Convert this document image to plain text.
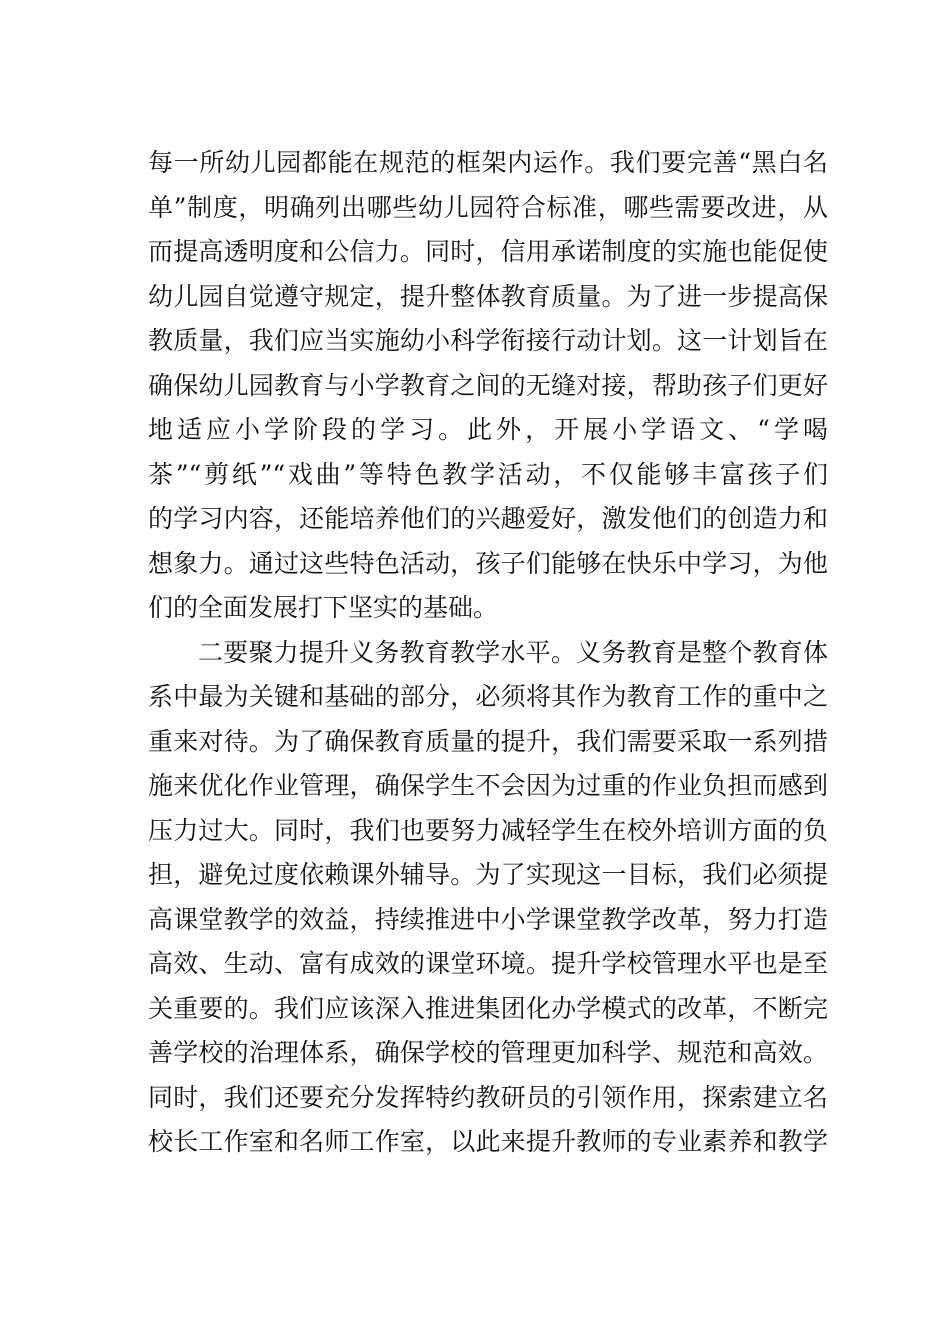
每一所幼儿园都能在规范的框架内运作。我们要完善“黑白名
单”制度，明确列出哪些幼儿园符合标准，哪些需要改进，从
而提高透明度和公信力。同时，信用承诺制度的实施也能促使
幼儿园自觉遵守规定，提升整体教育质量。为了进一步提高保
教质量，我们应当实施幼小科学衔接行动计划。这一计划旨在
确保幼儿园教育与小学教育之间的无缝对接，帮助孩子们更好
地适应小学阶段的学习。此外，开展小学语文、“学喝
茶”“剪纸”“戏曲”等特色教学活动，不仅能够丰富孩子们
的学习内容，还能培养他们的兴趣爱好，激发他们的创造力和
想象力。通过这些特色活动，孩子们能够在快乐中学习，为他
们的全面发展打下坚实的基础。
二要聚力提升义务教育教学水平。义务教育是整个教育体
系中最为关键和基础的部分，必须将其作为教育工作的重中之
重来对待。为了确保教育质量的提升，我们需要采取一系列措
施来优化作业管理，确保学生不会因为过重的作业负担而感到
压力过大。同时，我们也要努力减轻学生在校外培训方面的负
担，避免过度依赖课外辅导。为了实现这一目标，我们必须提
高课堂教学的效益，持续推进中小学课堂教学改革，努力打造
高效、生动、富有成效的课堂环境。提升学校管理水平也是至
关重要的。我们应该深入推进集团化办学模式的改革，不断完
善学校的治理体系，确保学校的管理更加科学、规范和高效。
同时，我们还要充分发挥特约教研员的引领作用，探索建立名
校长工作室和名师工作室，以此来提升教师的专业素养和教学
